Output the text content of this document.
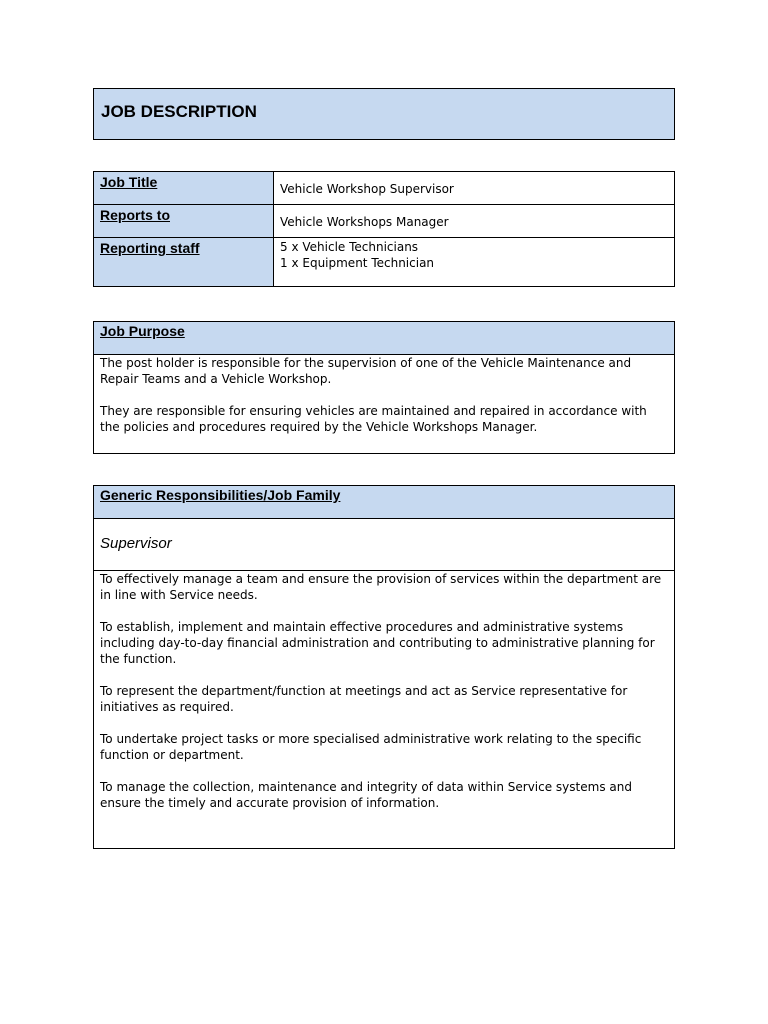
JOB DESCRIPTION
Job Title	Vehicle Workshop Supervisor

Reports to	Vehicle Workshops Manager

Reporting staff	5 x Vehicle Technicians
1 x Equipment Technician
Job Purpose

The post holder is responsible for the supervision of one of the Vehicle Maintenance and Repair Teams and a Vehicle Workshop.

They are responsible for ensuring vehicles are maintained and repaired in accordance with the policies and procedures required by the Vehicle Workshops Manager.

Generic Responsibilities/Job Family
Supervisor

To effectively manage a team and ensure the provision of services within the department are in line with Service needs.

To establish, implement and maintain effective procedures and administrative systems including day-to-day financial administration and contributing to administrative planning for the function.

To represent the department/function at meetings and act as Service representative for initiatives as required.

To undertake project tasks or more specialised administrative work relating to the specific function or department.

To manage the collection, maintenance and integrity of data within Service systems and ensure the timely and accurate provision of information.
